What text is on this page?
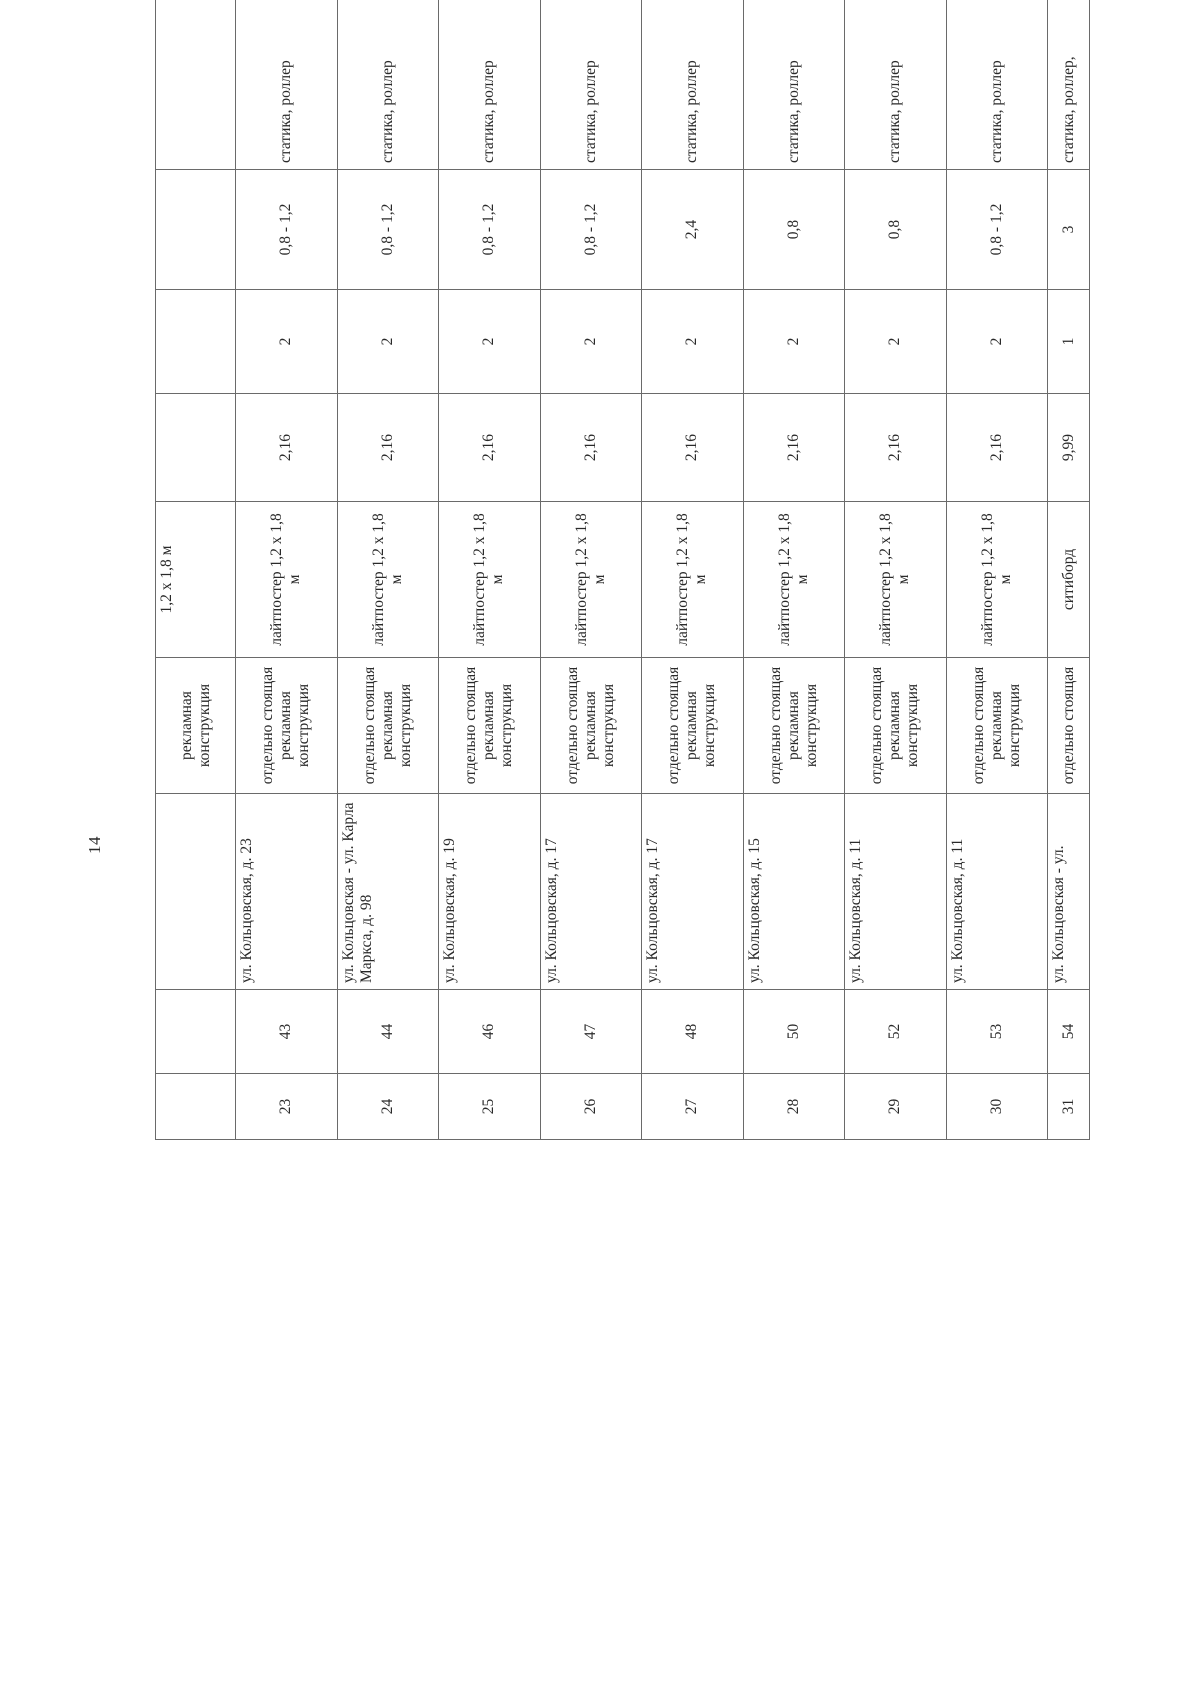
14
			рекламная конструкция	1,2 х 1,8 м				
23	43	ул. Кольцовская, д. 23	отдельно стоящая рекламная конструкция	лайтпостер 1,2 х 1,8 м	2,16	2	0,8 - 1,2	статика, роллер
24	44	ул. Кольцовская - ул. Карла Маркса, д. 98	отдельно стоящая рекламная конструкция	лайтпостер 1,2 х 1,8 м	2,16	2	0,8 - 1,2	статика, роллер
25	46	ул. Кольцовская, д. 19	отдельно стоящая рекламная конструкция	лайтпостер 1,2 х 1,8 м	2,16	2	0,8 - 1,2	статика, роллер
26	47	ул. Кольцовская, д. 17	отдельно стоящая рекламная конструкция	лайтпостер 1,2 х 1,8 м	2,16	2	0,8 - 1,2	статика, роллер
27	48	ул. Кольцовская, д. 17	отдельно стоящая рекламная конструкция	лайтпостер 1,2 х 1,8 м	2,16	2	2,4	статика, роллер
28	50	ул. Кольцовская, д. 15	отдельно стоящая рекламная конструкция	лайтпостер 1,2 х 1,8 м	2,16	2	0,8	статика, роллер
29	52	ул. Кольцовская, д. 11	отдельно стоящая рекламная конструкция	лайтпостер 1,2 х 1,8 м	2,16	2	0,8	статика, роллер
30	53	ул. Кольцовская, д. 11	отдельно стоящая рекламная конструкция	лайтпостер 1,2 х 1,8 м	2,16	2	0,8 - 1,2	статика, роллер
31	54	ул. Кольцовская - ул.	отдельно стоящая	ситиборд	9,99	1	3	статика, роллер,
